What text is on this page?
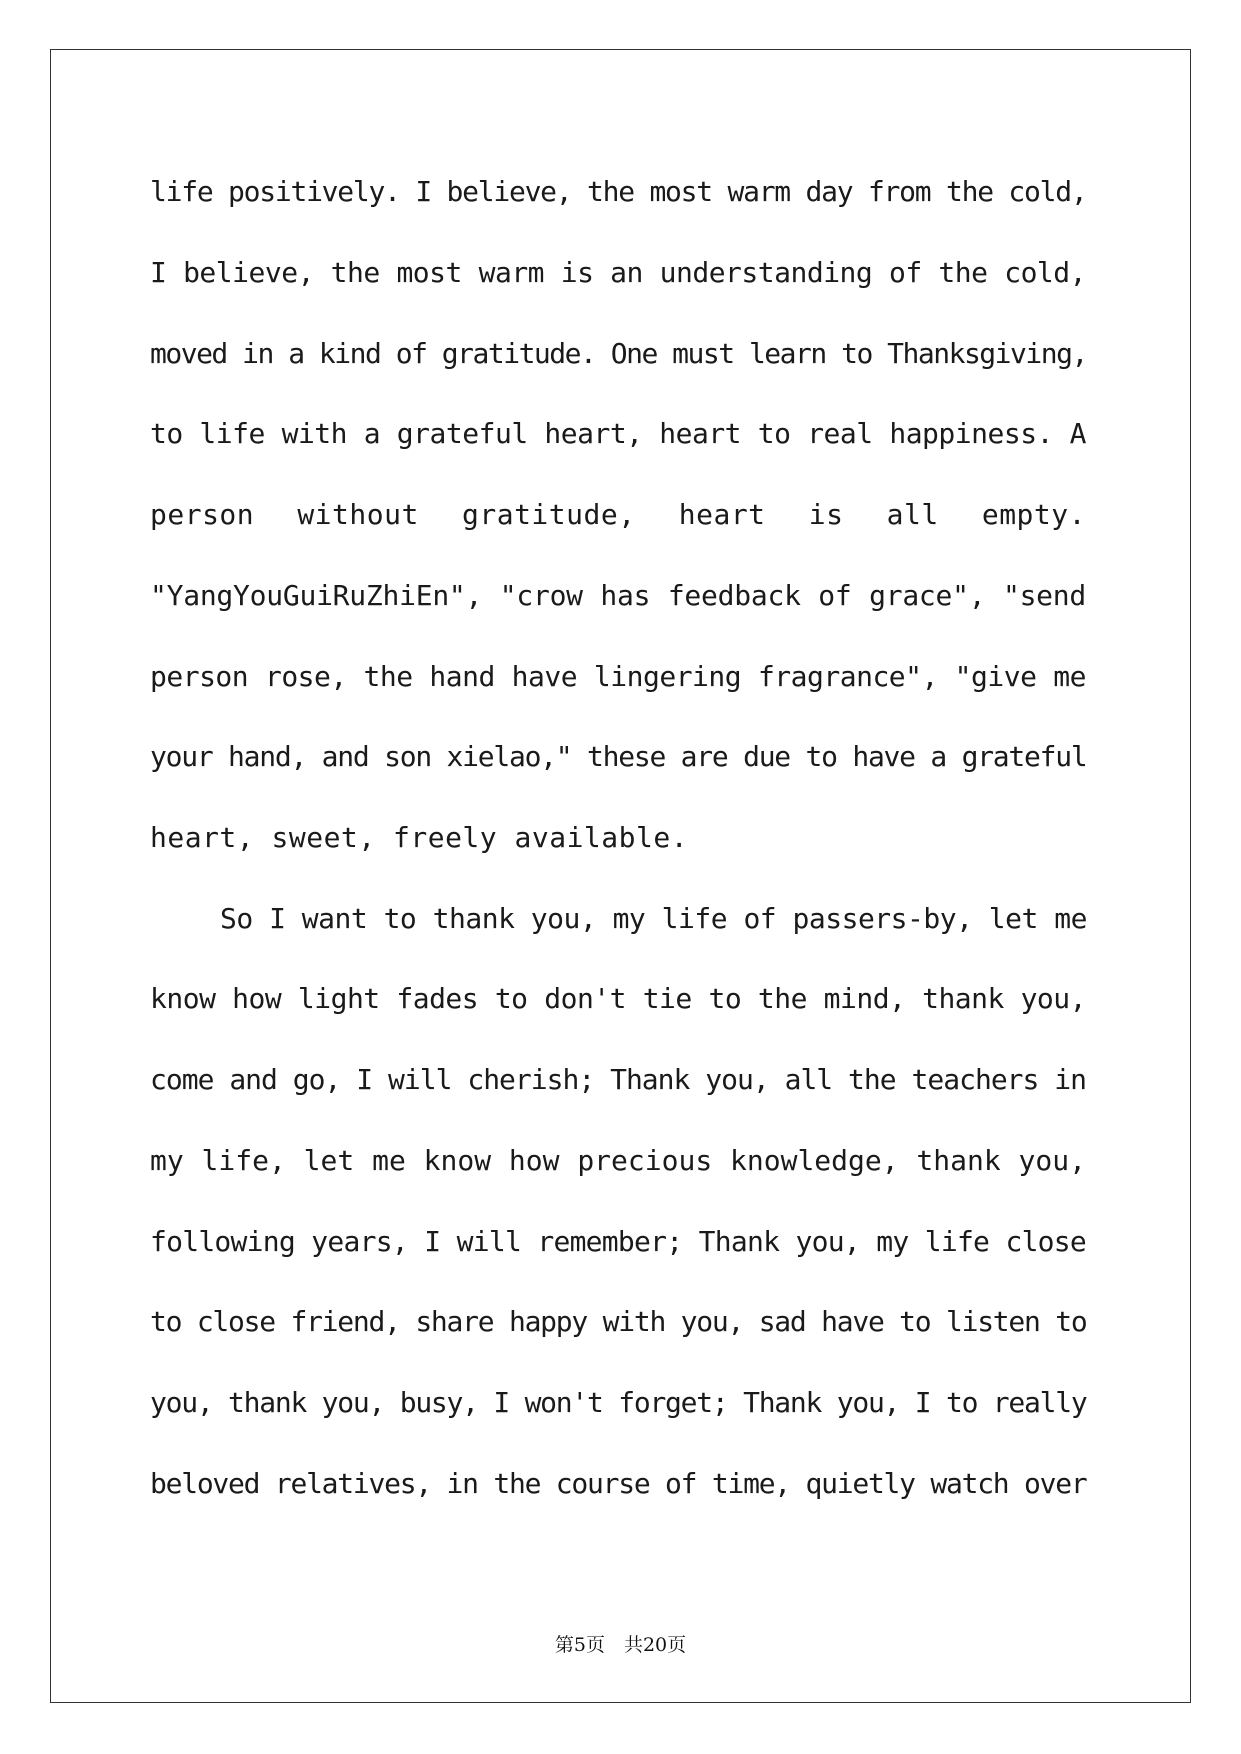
life positively. I believe, the most warm day from the cold,
I believe, the most warm is an understanding of the cold,
moved in a kind of gratitude. One must learn to Thanksgiving,
to life with a grateful heart, heart to real happiness. A
person without gratitude, heart is all empty.
"YangYouGuiRuZhiEn", "crow has feedback of grace", "send
person rose, the hand have lingering fragrance", "give me
your hand, and son xielao," these are due to have a grateful
heart, sweet, freely available.
So I want to thank you, my life of passers-by, let me
know how light fades to don't tie to the mind, thank you,
come and go, I will cherish; Thank you, all the teachers in
my life, let me know how precious knowledge, thank you,
following years, I will remember; Thank you, my life close
to close friend, share happy with you, sad have to listen to
you, thank you, busy, I won't forget; Thank you, I to really
beloved relatives, in the course of time, quietly watch over
第5页　共20页
